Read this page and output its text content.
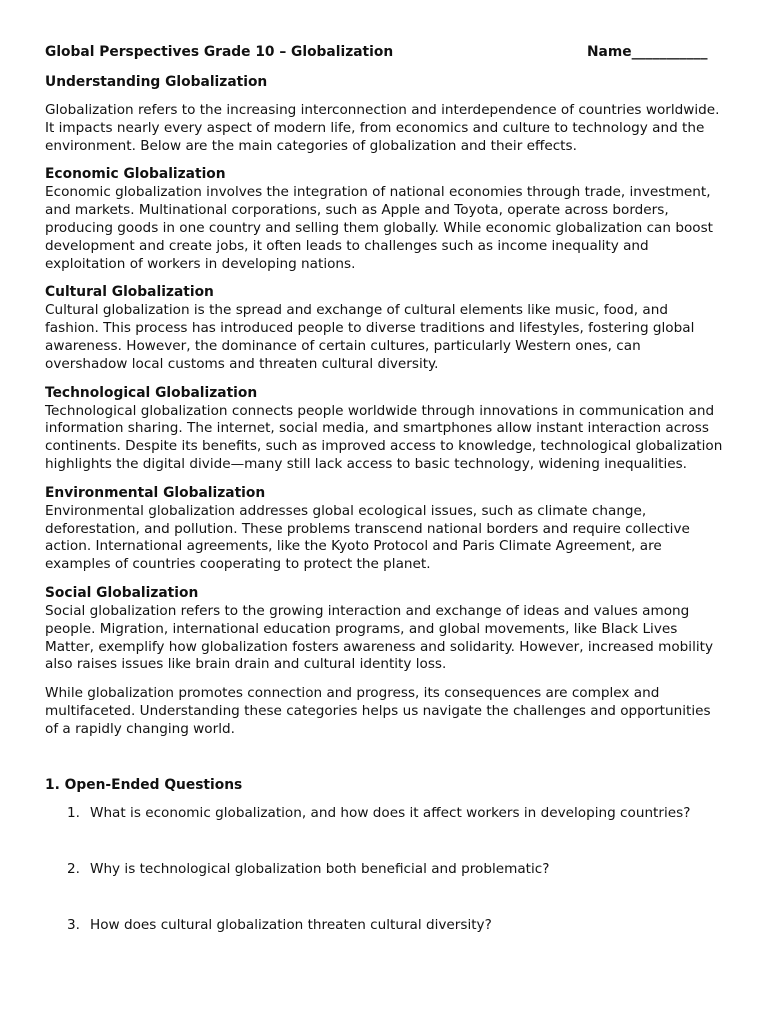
Global Perspectives Grade 10 – Globalization	Name___________
Understanding Globalization

Globalization refers to the increasing interconnection and interdependence of countries worldwide. It impacts nearly every aspect of modern life, from economics and culture to technology and the environment. Below are the main categories of globalization and their effects.

Economic Globalization

Economic globalization involves the integration of national economies through trade, investment, and markets. Multinational corporations, such as Apple and Toyota, operate across borders, producing goods in one country and selling them globally. While economic globalization can boost development and create jobs, it often leads to challenges such as income inequality and exploitation of workers in developing nations.

Cultural Globalization

Cultural globalization is the spread and exchange of cultural elements like music, food, and fashion. This process has introduced people to diverse traditions and lifestyles, fostering global awareness. However, the dominance of certain cultures, particularly Western ones, can overshadow local customs and threaten cultural diversity.

Technological Globalization

Technological globalization connects people worldwide through innovations in communication and information sharing. The internet, social media, and smartphones allow instant interaction across continents. Despite its benefits, such as improved access to knowledge, technological globalization highlights the digital divide—many still lack access to basic technology, widening inequalities.

Environmental Globalization

Environmental globalization addresses global ecological issues, such as climate change, deforestation, and pollution. These problems transcend national borders and require collective action. International agreements, like the Kyoto Protocol and Paris Climate Agreement, are examples of countries cooperating to protect the planet.

Social Globalization

Social globalization refers to the growing interaction and exchange of ideas and values among people. Migration, international education programs, and global movements, like Black Lives Matter, exemplify how globalization fosters awareness and solidarity. However, increased mobility also raises issues like brain drain and cultural identity loss.

While globalization promotes connection and progress, its consequences are complex and multifaceted. Understanding these categories helps us navigate the challenges and opportunities of a rapidly changing world.

1. Open-Ended Questions
1. What is economic globalization, and how does it affect workers in developing countries?
2. Why is technological globalization both beneficial and problematic?
3. How does cultural globalization threaten cultural diversity?
